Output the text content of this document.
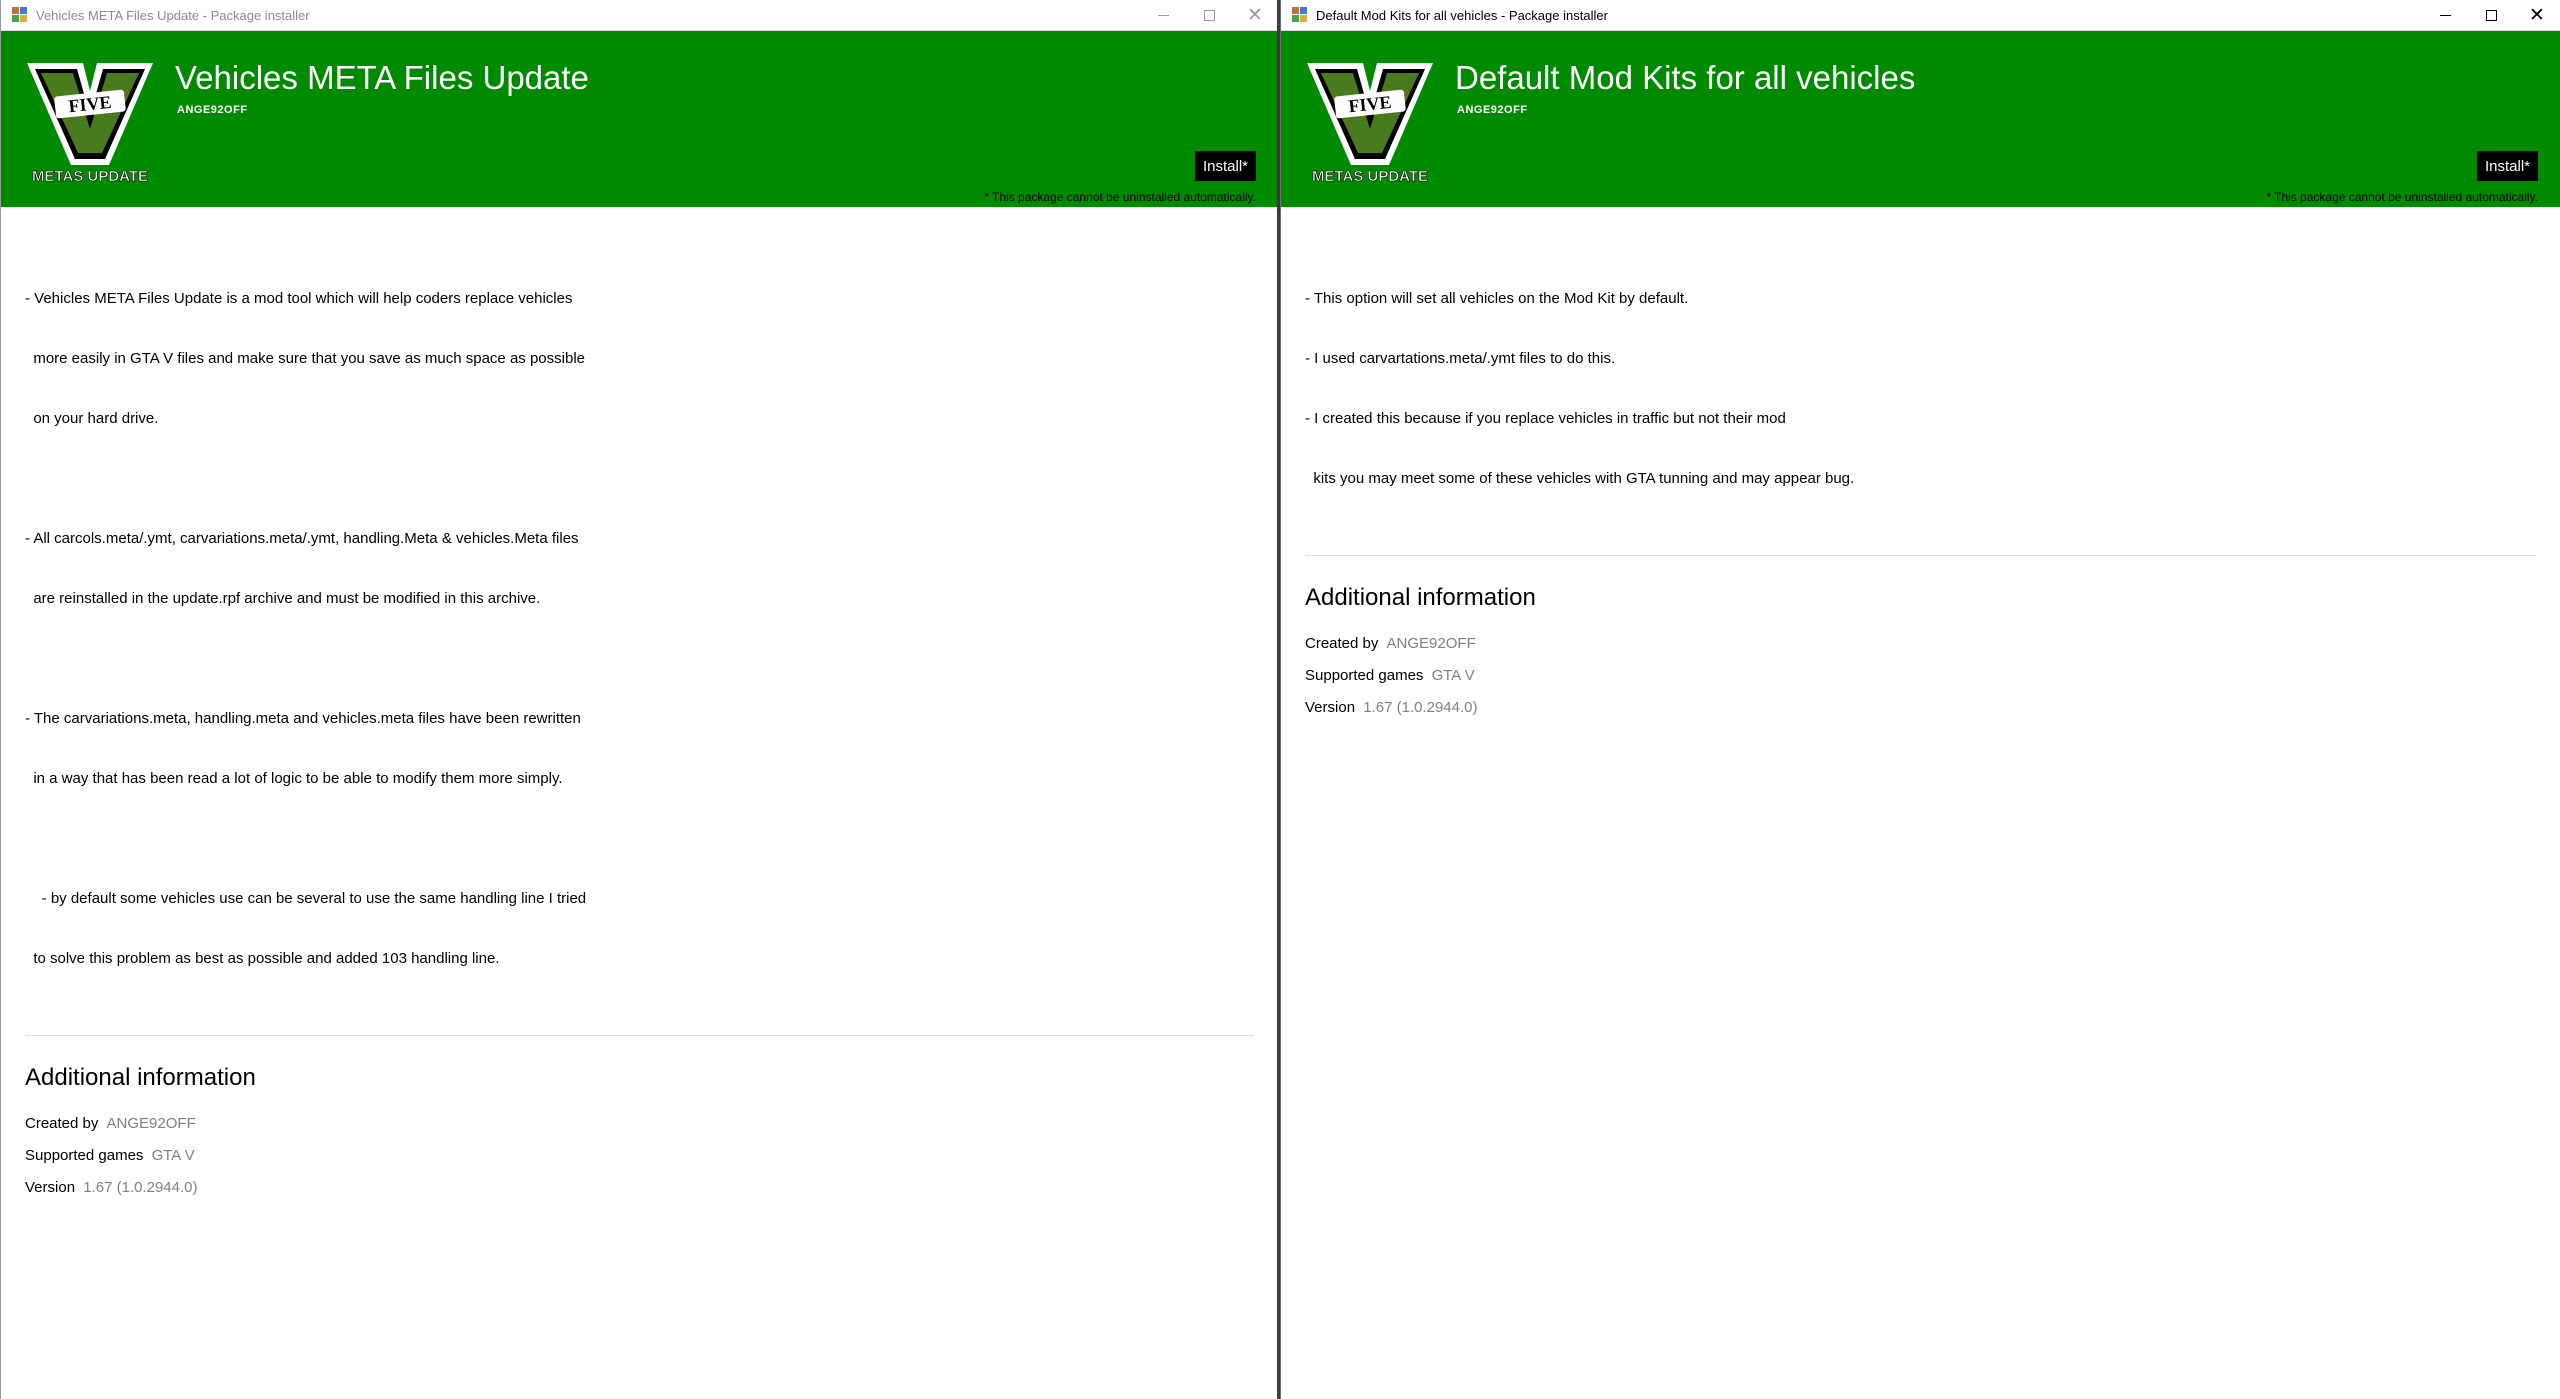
Vehicles META Files Update - Package installer	✕
FIVE
METAS UPDATE
Vehicles META Files Update
ANGE92OFF
Install*
* This package cannot be uninstalled automatically.

- Vehicles META Files Update is a mod tool which will help coders replace vehicles

more easily in GTA V files and make sure that you save as much space as possible

on your hard drive.

- All carcols.meta/.ymt, carvariations.meta/.ymt, handling.Meta & vehicles.Meta files

are reinstalled in the update.rpf archive and must be modified in this archive.

- The carvariations.meta, handling.meta and vehicles.meta files have been rewritten

in a way that has been read a lot of logic to be able to modify them more simply.

- by default some vehicles use can be several to use the same handling line I tried

to solve this problem as best as possible and added 103 handling line.

Additional information
Created by ANGE92OFF
Supported games GTA V
Version 1.67 (1.0.2944.0)
Default Mod Kits for all vehicles - Package installer	✕
FIVE
METAS UPDATE
Default Mod Kits for all vehicles
ANGE92OFF
Install*
* This package cannot be uninstalled automatically.

- This option will set all vehicles on the Mod Kit by default.

- I used carvartations.meta/.ymt files to do this.

- I created this because if you replace vehicles in traffic but not their mod

kits you may meet some of these vehicles with GTA tunning and may appear bug.

Additional information
Created by ANGE92OFF
Supported games GTA V
Version 1.67 (1.0.2944.0)
